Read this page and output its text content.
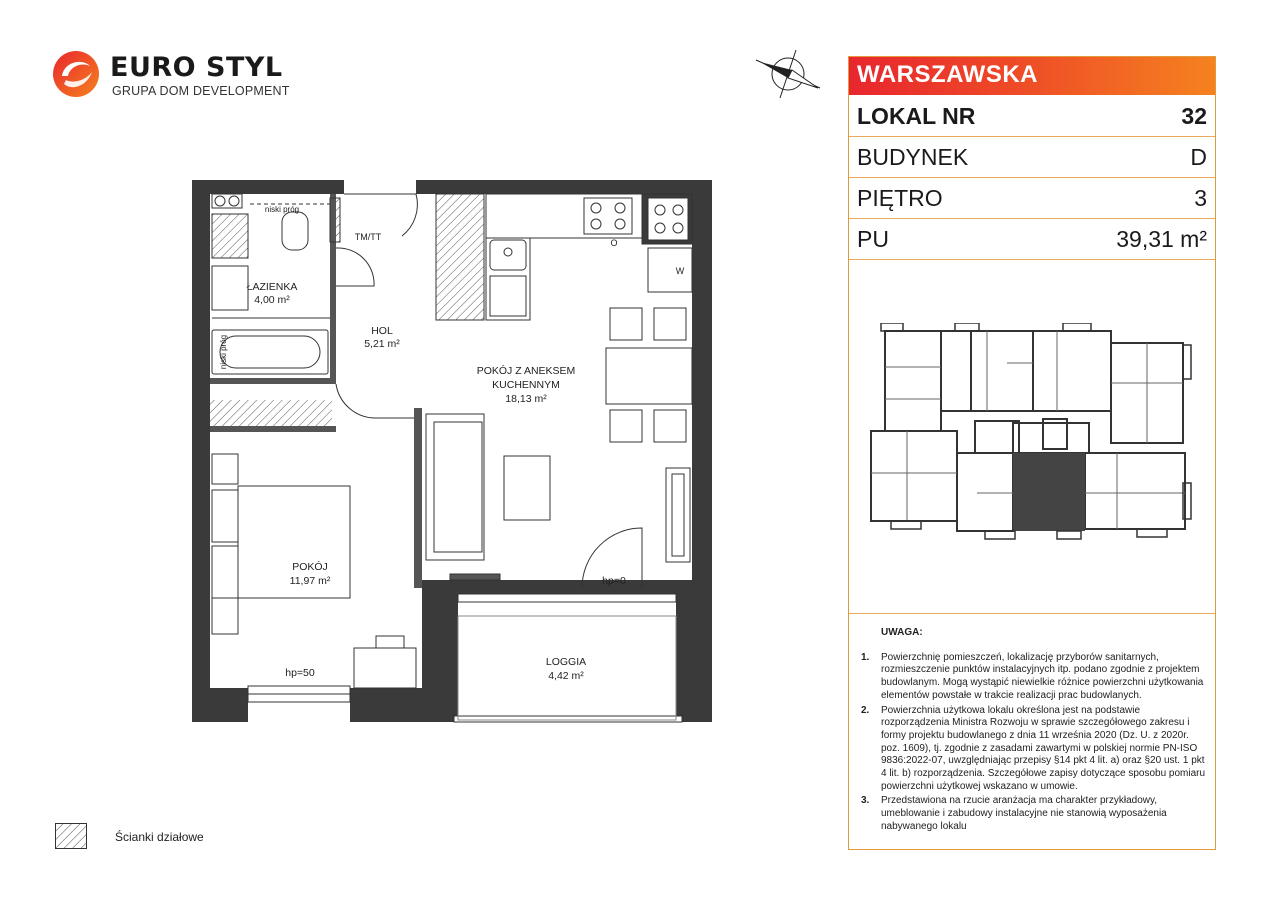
EURO STYL
GRUPA DOM DEVELOPMENT
ŁAZIENKA
4,00 m²
HOL
5,21 m²
POKÓJ Z ANEKSEM
KUCHENNYM
18,13 m²
POKÓJ
11,97 m²
LOGGIA
4,42 m²
niski próg
niski próg
TM/TT
O
W
hp=0
hp=50
WARSZAWSKA
LOKAL NR	32
BUDYNEK	D
PIĘTRO	3
PU	39,31 m²
UWAGA:
1. Powierzchnię pomieszczeń, lokalizację przyborów sanitarnych, rozmieszczenie punktów instalacyjnych itp. podano zgodnie z projektem budowlanym. Mogą wystąpić niewielkie różnice powierzchni użytkowania elementów powstałe w trakcie realizacji prac budowlanych.
2. Powierzchnia użytkowa lokalu określona jest na podstawie rozporządzenia Ministra Rozwoju w sprawie szczegółowego zakresu i formy projektu budowlanego z dnia 11 września 2020 (Dz. U. z 2020r. poz. 1609), tj. zgodnie z zasadami zawartymi w polskiej normie PN-ISO 9836:2022-07, uwzględniając przepisy §14 pkt 4 lit. a) oraz §20 ust. 1 pkt 4 lit. b) rozporządzenia. Szczegółowe zapisy dotyczące sposobu pomiaru powierzchni użytkowej wskazano w umowie.
3. Przedstawiona na rzucie aranżacja ma charakter przykładowy, umeblowanie i zabudowy instalacyjne nie stanowią wyposażenia nabywanego lokalu
Ścianki działowe
